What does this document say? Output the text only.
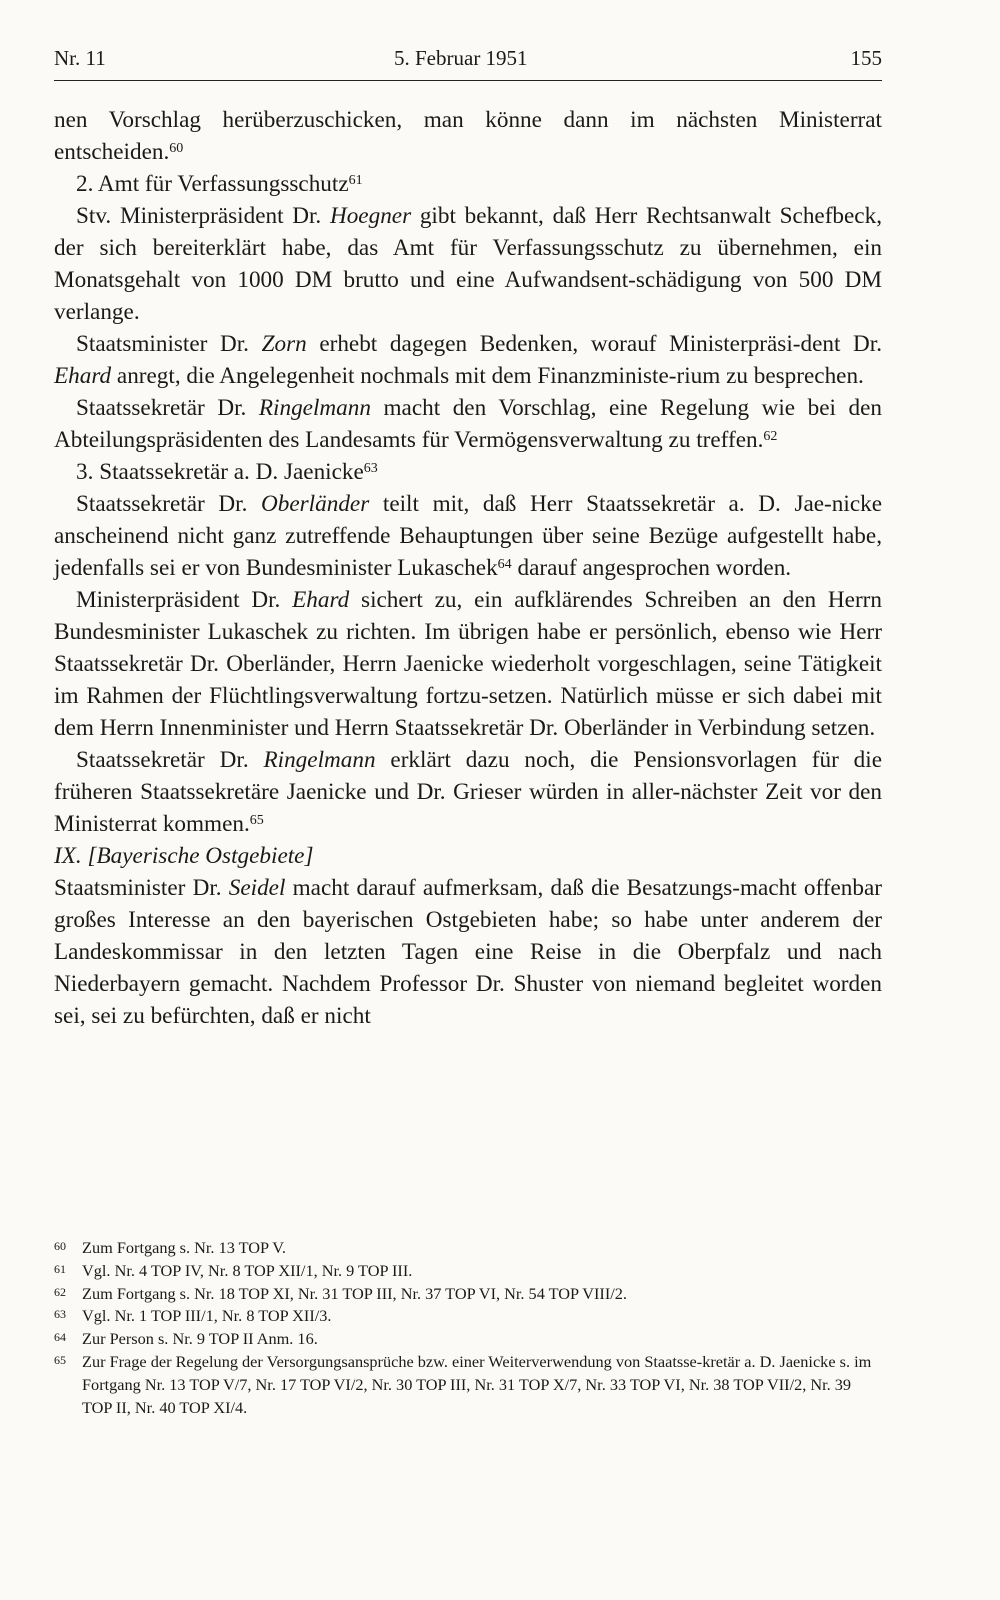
Nr. 11	5. Februar 1951	155

nen Vorschlag herüberzuschicken, man könne dann im nächsten Ministerrat entscheiden.$^{60}$

2. Amt für Verfassungsschutz$^{61}$

Stv. Ministerpräsident Dr. Hoegner gibt bekannt, daß Herr Rechtsanwalt Schefbeck, der sich bereiterklärt habe, das Amt für Verfassungsschutz zu übernehmen, ein Monatsgehalt von 1000 DM brutto und eine Aufwandsent-schädigung von 500 DM verlange.

Staatsminister Dr. Zorn erhebt dagegen Bedenken, worauf Ministerpräsi-dent Dr. Ehard anregt, die Angelegenheit nochmals mit dem Finanzministe-rium zu besprechen.

Staatssekretär Dr. Ringelmann macht den Vorschlag, eine Regelung wie bei den Abteilungspräsidenten des Landesamts für Vermögensverwaltung zu treffen.$^{62}$

3. Staatssekretär a. D. Jaenicke$^{63}$

Staatssekretär Dr. Oberländer teilt mit, daß Herr Staatssekretär a. D. Jae-nicke anscheinend nicht ganz zutreffende Behauptungen über seine Bezüge aufgestellt habe, jedenfalls sei er von Bundesminister Lukaschek$^{64}$ darauf angesprochen worden.

Ministerpräsident Dr. Ehard sichert zu, ein aufklärendes Schreiben an den Herrn Bundesminister Lukaschek zu richten. Im übrigen habe er persönlich, ebenso wie Herr Staatssekretär Dr. Oberländer, Herrn Jaenicke wiederholt vorgeschlagen, seine Tätigkeit im Rahmen der Flüchtlingsverwaltung fortzu-setzen. Natürlich müsse er sich dabei mit dem Herrn Innenminister und Herrn Staatssekretär Dr. Oberländer in Verbindung setzen.

Staatssekretär Dr. Ringelmann erklärt dazu noch, die Pensionsvorlagen für die früheren Staatssekretäre Jaenicke und Dr. Grieser würden in aller-nächster Zeit vor den Ministerrat kommen.$^{65}$

IX. [Bayerische Ostgebiete]

Staatsminister Dr. Seidel macht darauf aufmerksam, daß die Besatzungs-macht offenbar großes Interesse an den bayerischen Ostgebieten habe; so habe unter anderem der Landeskommissar in den letzten Tagen eine Reise in die Oberpfalz und nach Niederbayern gemacht. Nachdem Professor Dr. Shuster von niemand begleitet worden sei, sei zu befürchten, daß er nicht

60 Zum Fortgang s. Nr. 13 TOP V.
61 Vgl. Nr. 4 TOP IV, Nr. 8 TOP XII/1, Nr. 9 TOP III.
62 Zum Fortgang s. Nr. 18 TOP XI, Nr. 31 TOP III, Nr. 37 TOP VI, Nr. 54 TOP VIII/2.
63 Vgl. Nr. 1 TOP III/1, Nr. 8 TOP XII/3.
64 Zur Person s. Nr. 9 TOP II Anm. 16.
65 Zur Frage der Regelung der Versorgungsansprüche bzw. einer Weiterverwendung von Staatsse-kretär a. D. Jaenicke s. im Fortgang Nr. 13 TOP V/7, Nr. 17 TOP VI/2, Nr. 30 TOP III, Nr. 31 TOP X/7, Nr. 33 TOP VI, Nr. 38 TOP VII/2, Nr. 39 TOP II, Nr. 40 TOP XI/4.
